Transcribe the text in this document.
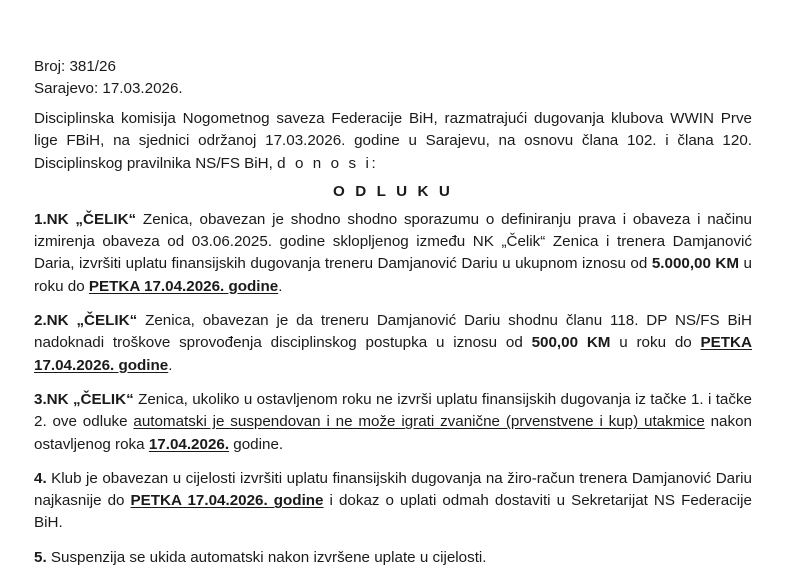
Broj: 381/26
Sarajevo: 17.03.2026.

Disciplinska komisija Nogometnog saveza Federacije BiH, razmatrajući dugovanja klubova WWIN Prve lige FBiH, na sjednici održanoj 17.03.2026. godine u Sarajevu, na osnovu člana 102. i člana 120. Disciplinskog pravilnika NS/FS BiH, d o n o s i:

O D L U K U

1.NK „ČELIK“ Zenica, obavezan je shodno shodno sporazumu o definiranju prava i obaveza i načinu izmirenja obaveza od 03.06.2025. godine sklopljenog između NK „Čelik“ Zenica i trenera Damjanović Daria, izvršiti uplatu finansijskih dugovanja treneru Damjanović Dariu u ukupnom iznosu od 5.000,00 KM u roku do PETKA 17.04.2026. godine.

2.NK „ČELIK“ Zenica, obavezan je da treneru Damjanović Dariu shodnu članu 118. DP NS/FS BiH nadoknadi troškove sprovođenja disciplinskog postupka u iznosu od 500,00 KM u roku do PETKA 17.04.2026. godine.

3.NK „ČELIK“ Zenica, ukoliko u ostavljenom roku ne izvrši uplatu finansijskih dugovanja iz tačke 1. i tačke 2. ove odluke automatski je suspendovan i ne može igrati zvanične (prvenstvene i kup) utakmice nakon ostavljenog roka 17.04.2026. godine.

4. Klub je obavezan u cijelosti izvršiti uplatu finansijskih dugovanja na žiro-račun trenera Damjanović Dariu najkasnije do PETKA 17.04.2026. godine i dokaz o uplati odmah dostaviti u Sekretarijat NS Federacije BiH.

5. Suspenzija se ukida automatski nakon izvršene uplate u cijelosti.
